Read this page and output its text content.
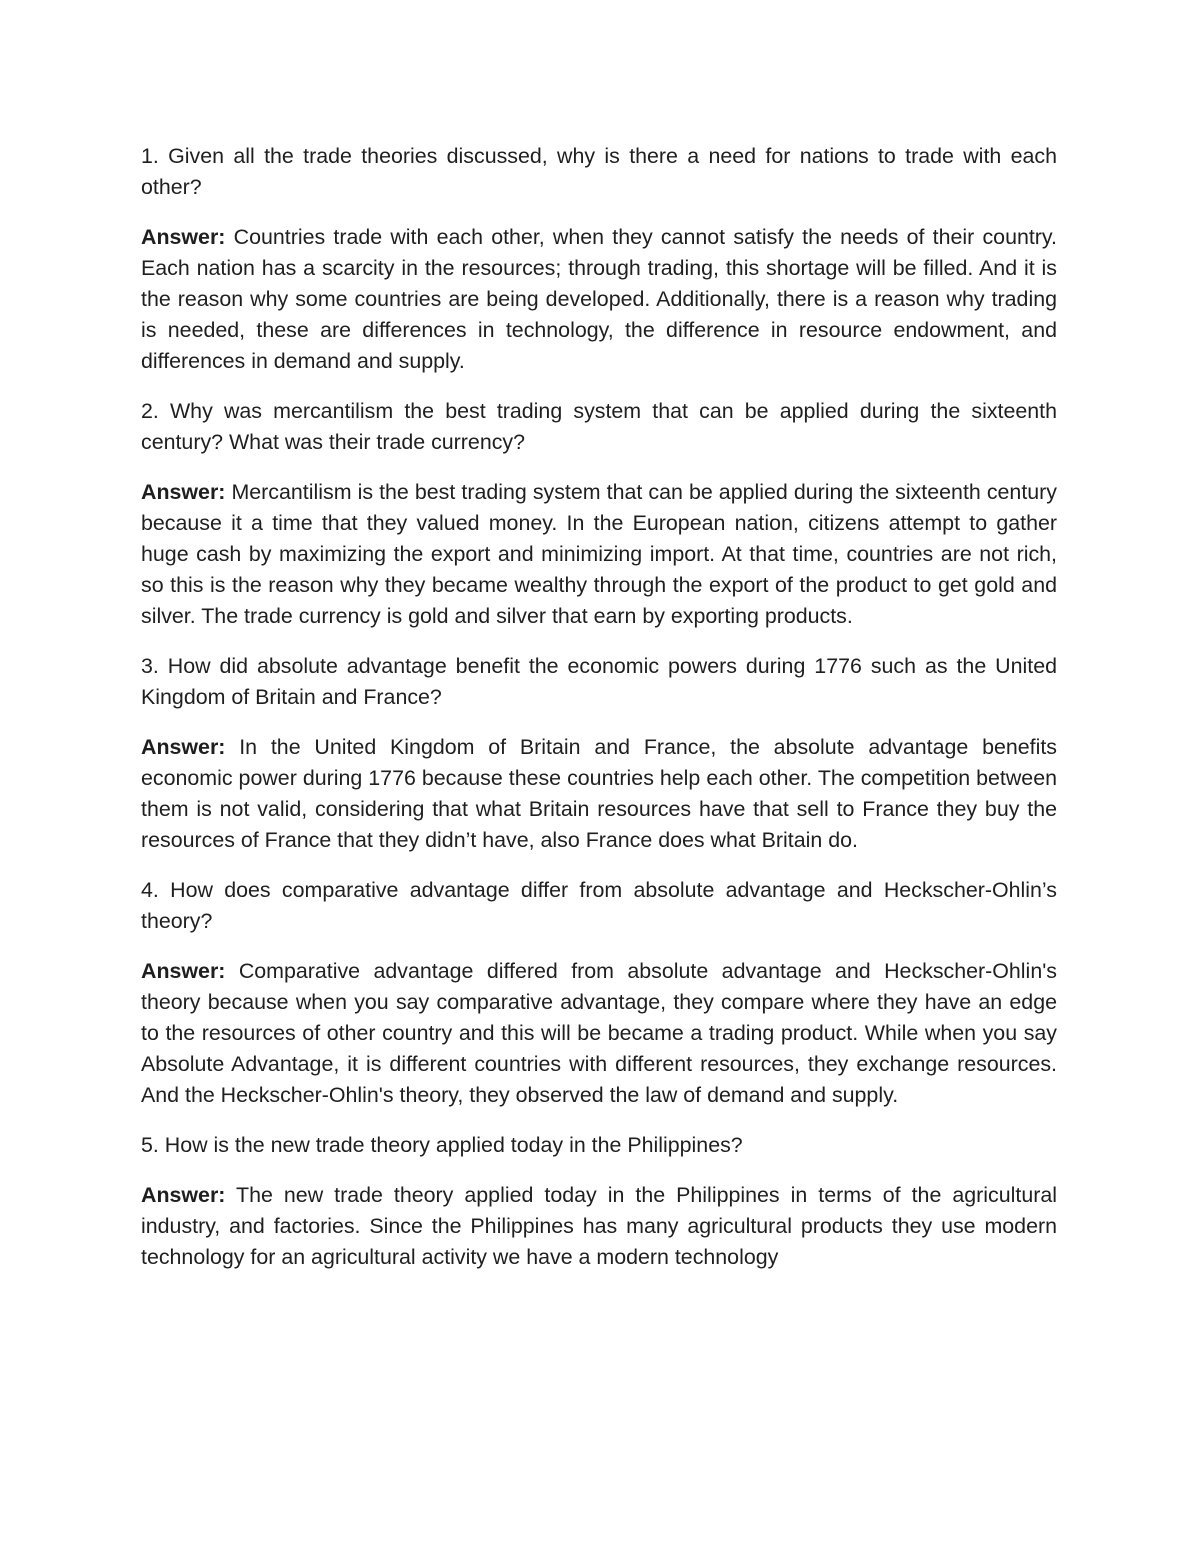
1. Given all the trade theories discussed, why is there a need for nations to trade with each other?

Answer: Countries trade with each other, when they cannot satisfy the needs of their country. Each nation has a scarcity in the resources; through trading, this shortage will be filled. And it is the reason why some countries are being developed. Additionally, there is a reason why trading is needed, these are differences in technology, the difference in resource endowment, and differences in demand and supply.

2. Why was mercantilism the best trading system that can be applied during the sixteenth century? What was their trade currency?

Answer: Mercantilism is the best trading system that can be applied during the sixteenth century because it a time that they valued money. In the European nation, citizens attempt to gather huge cash by maximizing the export and minimizing import. At that time, countries are not rich, so this is the reason why they became wealthy through the export of the product to get gold and silver. The trade currency is gold and silver that earn by exporting products.

3. How did absolute advantage benefit the economic powers during 1776 such as the United Kingdom of Britain and France?

Answer: In the United Kingdom of Britain and France, the absolute advantage benefits economic power during 1776 because these countries help each other. The competition between them is not valid, considering that what Britain resources have that sell to France they buy the resources of France that they didn’t have, also France does what Britain do.

4. How does comparative advantage differ from absolute advantage and Heckscher-Ohlin’s theory?

Answer: Comparative advantage differed from absolute advantage and Heckscher-Ohlin's theory because when you say comparative advantage, they compare where they have an edge to the resources of other country and this will be became a trading product. While when you say Absolute Advantage, it is different countries with different resources, they exchange resources. And the Heckscher-Ohlin's theory, they observed the law of demand and supply.

5. How is the new trade theory applied today in the Philippines?

Answer: The new trade theory applied today in the Philippines in terms of the agricultural industry, and factories. Since the Philippines has many agricultural products they use modern technology for an agricultural activity we have a modern technology
